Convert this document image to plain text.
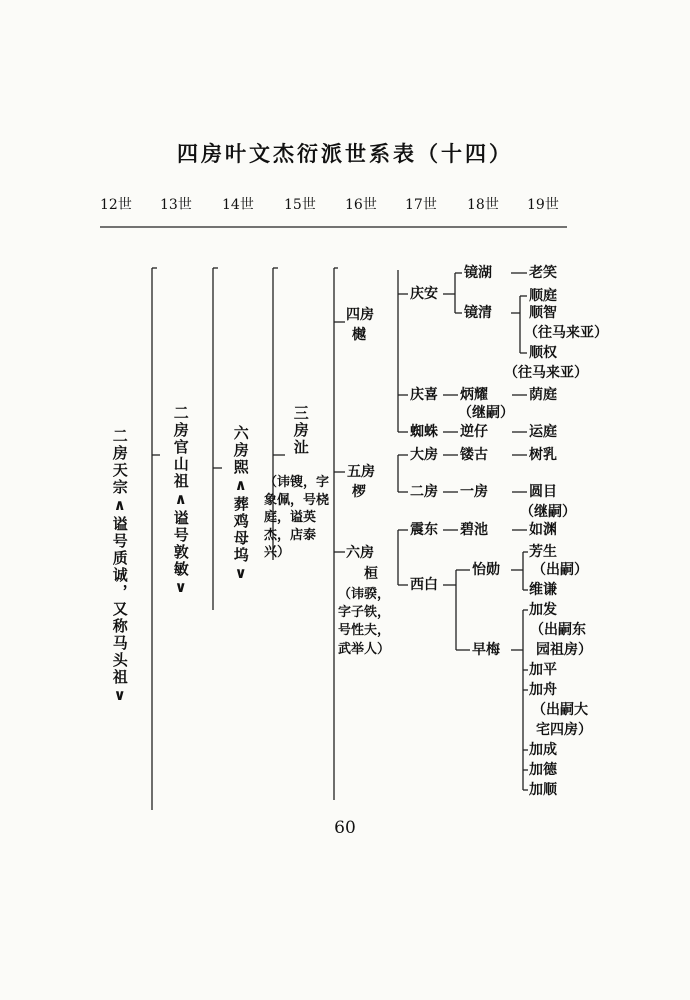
四房叶文杰衍派世系表（十四）
12世 13世 14世 15世 16世 17世 18世 19世
二房天宗∧谥号质诚，又称马头祖∨	二房官山祖∧谥号敦敏∨	六房𤋮∧葬鸡母坞∨	三房沚
（讳锼，字象佩，号桡庭，谥英杰，店泰兴）
四房
樾
五房
椤
六房
桓
（讳骙，字子铁，号性夫，武举人）
庆安
庆喜
蜘蛛
大房
二房
震东
西白
镜湖
镜清
炳耀
（继嗣）
逆仔
镂古
一房
碧池
怡勋
早梅
老笑
顺庭
顺智
（往马来亚）
顺权
（往马来亚）
荫庭
运庭
树乳
圆目
（继嗣）
如渊
芳生
（出嗣）
维谦
加发
（出嗣东
园祖房）
加平
加舟
（出嗣大
宅四房）
加成
加德
加顺
60
